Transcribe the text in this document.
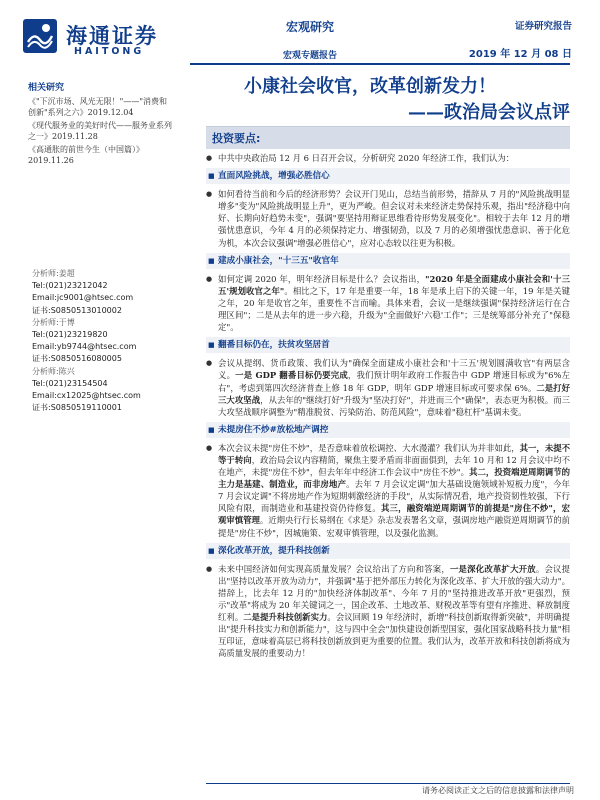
海通证券
HAITONG
宏观研究
宏观专题报告
证券研究报告
2019 年 12 月 08 日
小康社会收官，改革创新发力！
——政治局会议点评
相关研究
《"下沉市场、风光无限！"——"消费和创新"系列之六》2019.12.04
《现代服务业的美好时代——服务业系列之一》2019.11.28
《高通胀的前世今生（中国篇）》2019.11.26
分析师:姜超
Tel:(021)23212042
Email:jc9001@htsec.com
证书:S0850513010002
分析师:于博
Tel:(021)23219820
Email:yb9744@htsec.com
证书:S0850516080005
分析师:陈兴
Tel:(021)23154504
Email:cx12025@htsec.com
证书:S0850519110001
投资要点:
● 中共中央政治局 12 月 6 日召开会议，分析研究 2020 年经济工作，我们认为：
■ 直面风险挑战，增强必胜信心
● 如何看待当前和今后的经济形势？会议开门见山，总结当前形势，措辞从 7 月的"风险挑战明显增多"变为"风险挑战明显上升"，更为严峻。但会议对未来经济走势保持乐观，指出"经济稳中向好、长期向好趋势未变"，强调"要坚持用辩证思维看待形势发展变化"。相较于去年 12 月的增强忧患意识，今年 4 月的必须保持定力、增强韧劲，以及 7 月的必须增强忧患意识、善于化危为机，本次会议强调"增强必胜信心"，应对心态较以往更为积极。
■ 建成小康社会，"十三五"收官年
● 如何定调 2020 年，明年经济目标是什么？会议指出，"2020 年是全面建成小康社会和'十三五'规划收官之年"。相比之下，17 年是重要一年，18 年是承上启下的关键一年，19 年是关键之年，20 年是收官之年，重要性不言而喻。具体来看，会议一是继续强调"保持经济运行在合理区间"；二是从去年的进一步六稳，升级为"全面做好'六稳'工作"；三是统筹部分补充了"保稳定"。
■ 翻番目标仍在，扶贫攻坚居首
● 会议从提纲、货币政策、我们认为"确保全面建成小康社会和'十三五'规划圆满收官"有两层含义。一是 GDP 翻番目标仍要完成，我们预计明年政府工作报告中 GDP 增速目标或为"6%左右"，考虑到第四次经济普查上修 18 年 GDP，明年 GDP 增速目标或可要求保 6%。二是打好三大攻坚战，从去年的"继续打好"升级为"坚决打好"，并进而三个"确保"，表态更为积极。而三大攻坚战顺序调整为"精准脱贫、污染防治、防范风险"，意味着"稳杠杆"基调未变。
■ 未提房住不炒#放松地产调控
● 本次会议未提"房住不炒"，是否意味着放松调控、大水漫灌？我们认为并非如此，其一，未提不等于转向，政治局会议内容精简，聚焦主要矛盾而非面面俱到，去年 10 月和 12 月会议中均不在地产，未提"房住不炒"，但去年年中经济工作会议中"房住不炒"。其二，投资端逆周期调节的主力是基建、制造业，而非房地产。去年 7 月会议定调"加大基础设施领域补短板力度"，今年 7 月会议定调"不将房地产作为短期刺激经济的手段"，从实际情况看，地产投资韧性较强，下行风险有限，而制造业和基建投资仍待修复。其三，融资端逆周期调节的前提是"房住不炒"，宏观审慎管理。近期央行行长易纲在《求是》杂志发表署名文章，强调房地产融资逆周期调节的前提是"房住不炒"，因城施策、宏观审慎管理，以及强化监测。
■ 深化改革开放，提升科技创新
● 未来中国经济如何实现高质量发展？会议给出了方向和答案，一是深化改革扩大开放。会议提出"坚持以改革开放为动力"，并强调"基于把外部压力转化为深化改革、扩大开放的强大动力"。措辞上，比去年 12 月的"加快经济体制改革"、今年 7 月的"坚持推进改革开放"更强烈，预示"改革"将成为 20 年关键词之一，国企改革、土地改革、财税改革等有望有序推进、释放制度红利。二是提升科技创新实力。会议回顾 19 年经济时，新增"科技创新取得新突破"，并明确提出"提升科技实力和创新能力"，这与四中全会"加快建设创新型国家，强化国家战略科技力量"相互印证，意味着高层已将科技创新放到更为重要的位置。我们认为，改革开放和科技创新将成为高质量发展的重要动力！
请务必阅读正文之后的信息披露和法律声明
